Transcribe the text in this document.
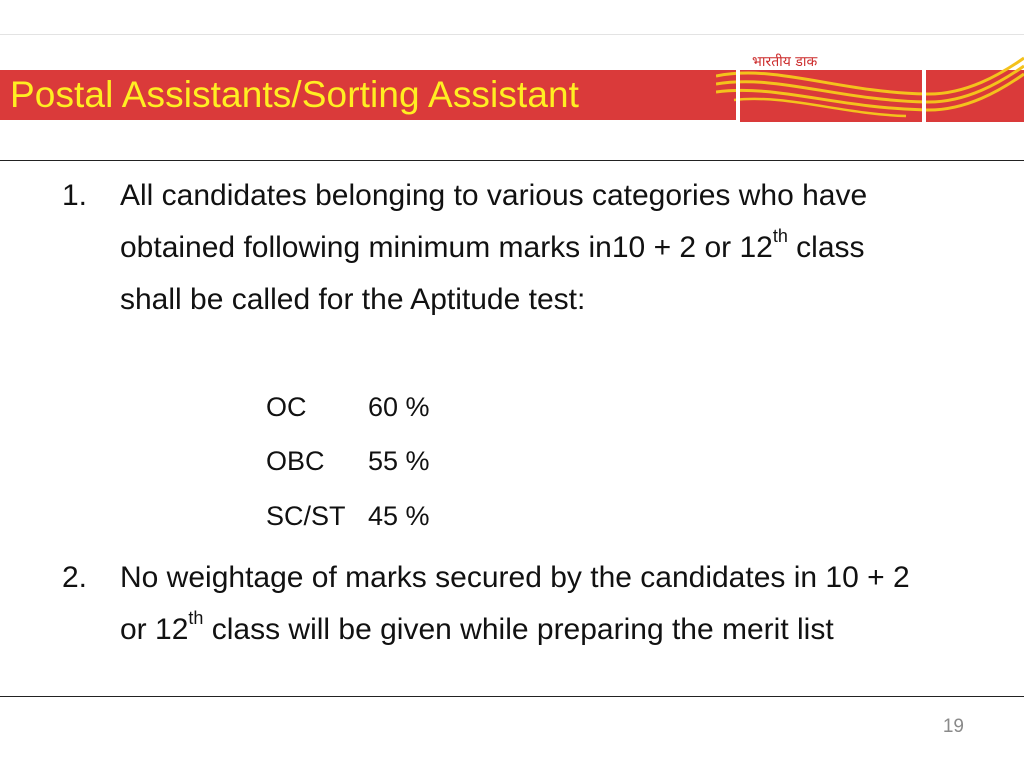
Postal Assistants/Sorting Assistant
भारतीय डाक
1. All candidates belonging to various categories who have obtained following minimum marks in10 + 2 or 12th class shall be called for the Aptitude test:
OC 60 %
OBC 55 %
SC/ST 45 %
2. No weightage of marks secured by the candidates in 10 + 2 or 12th class will be given while preparing the merit list
19
